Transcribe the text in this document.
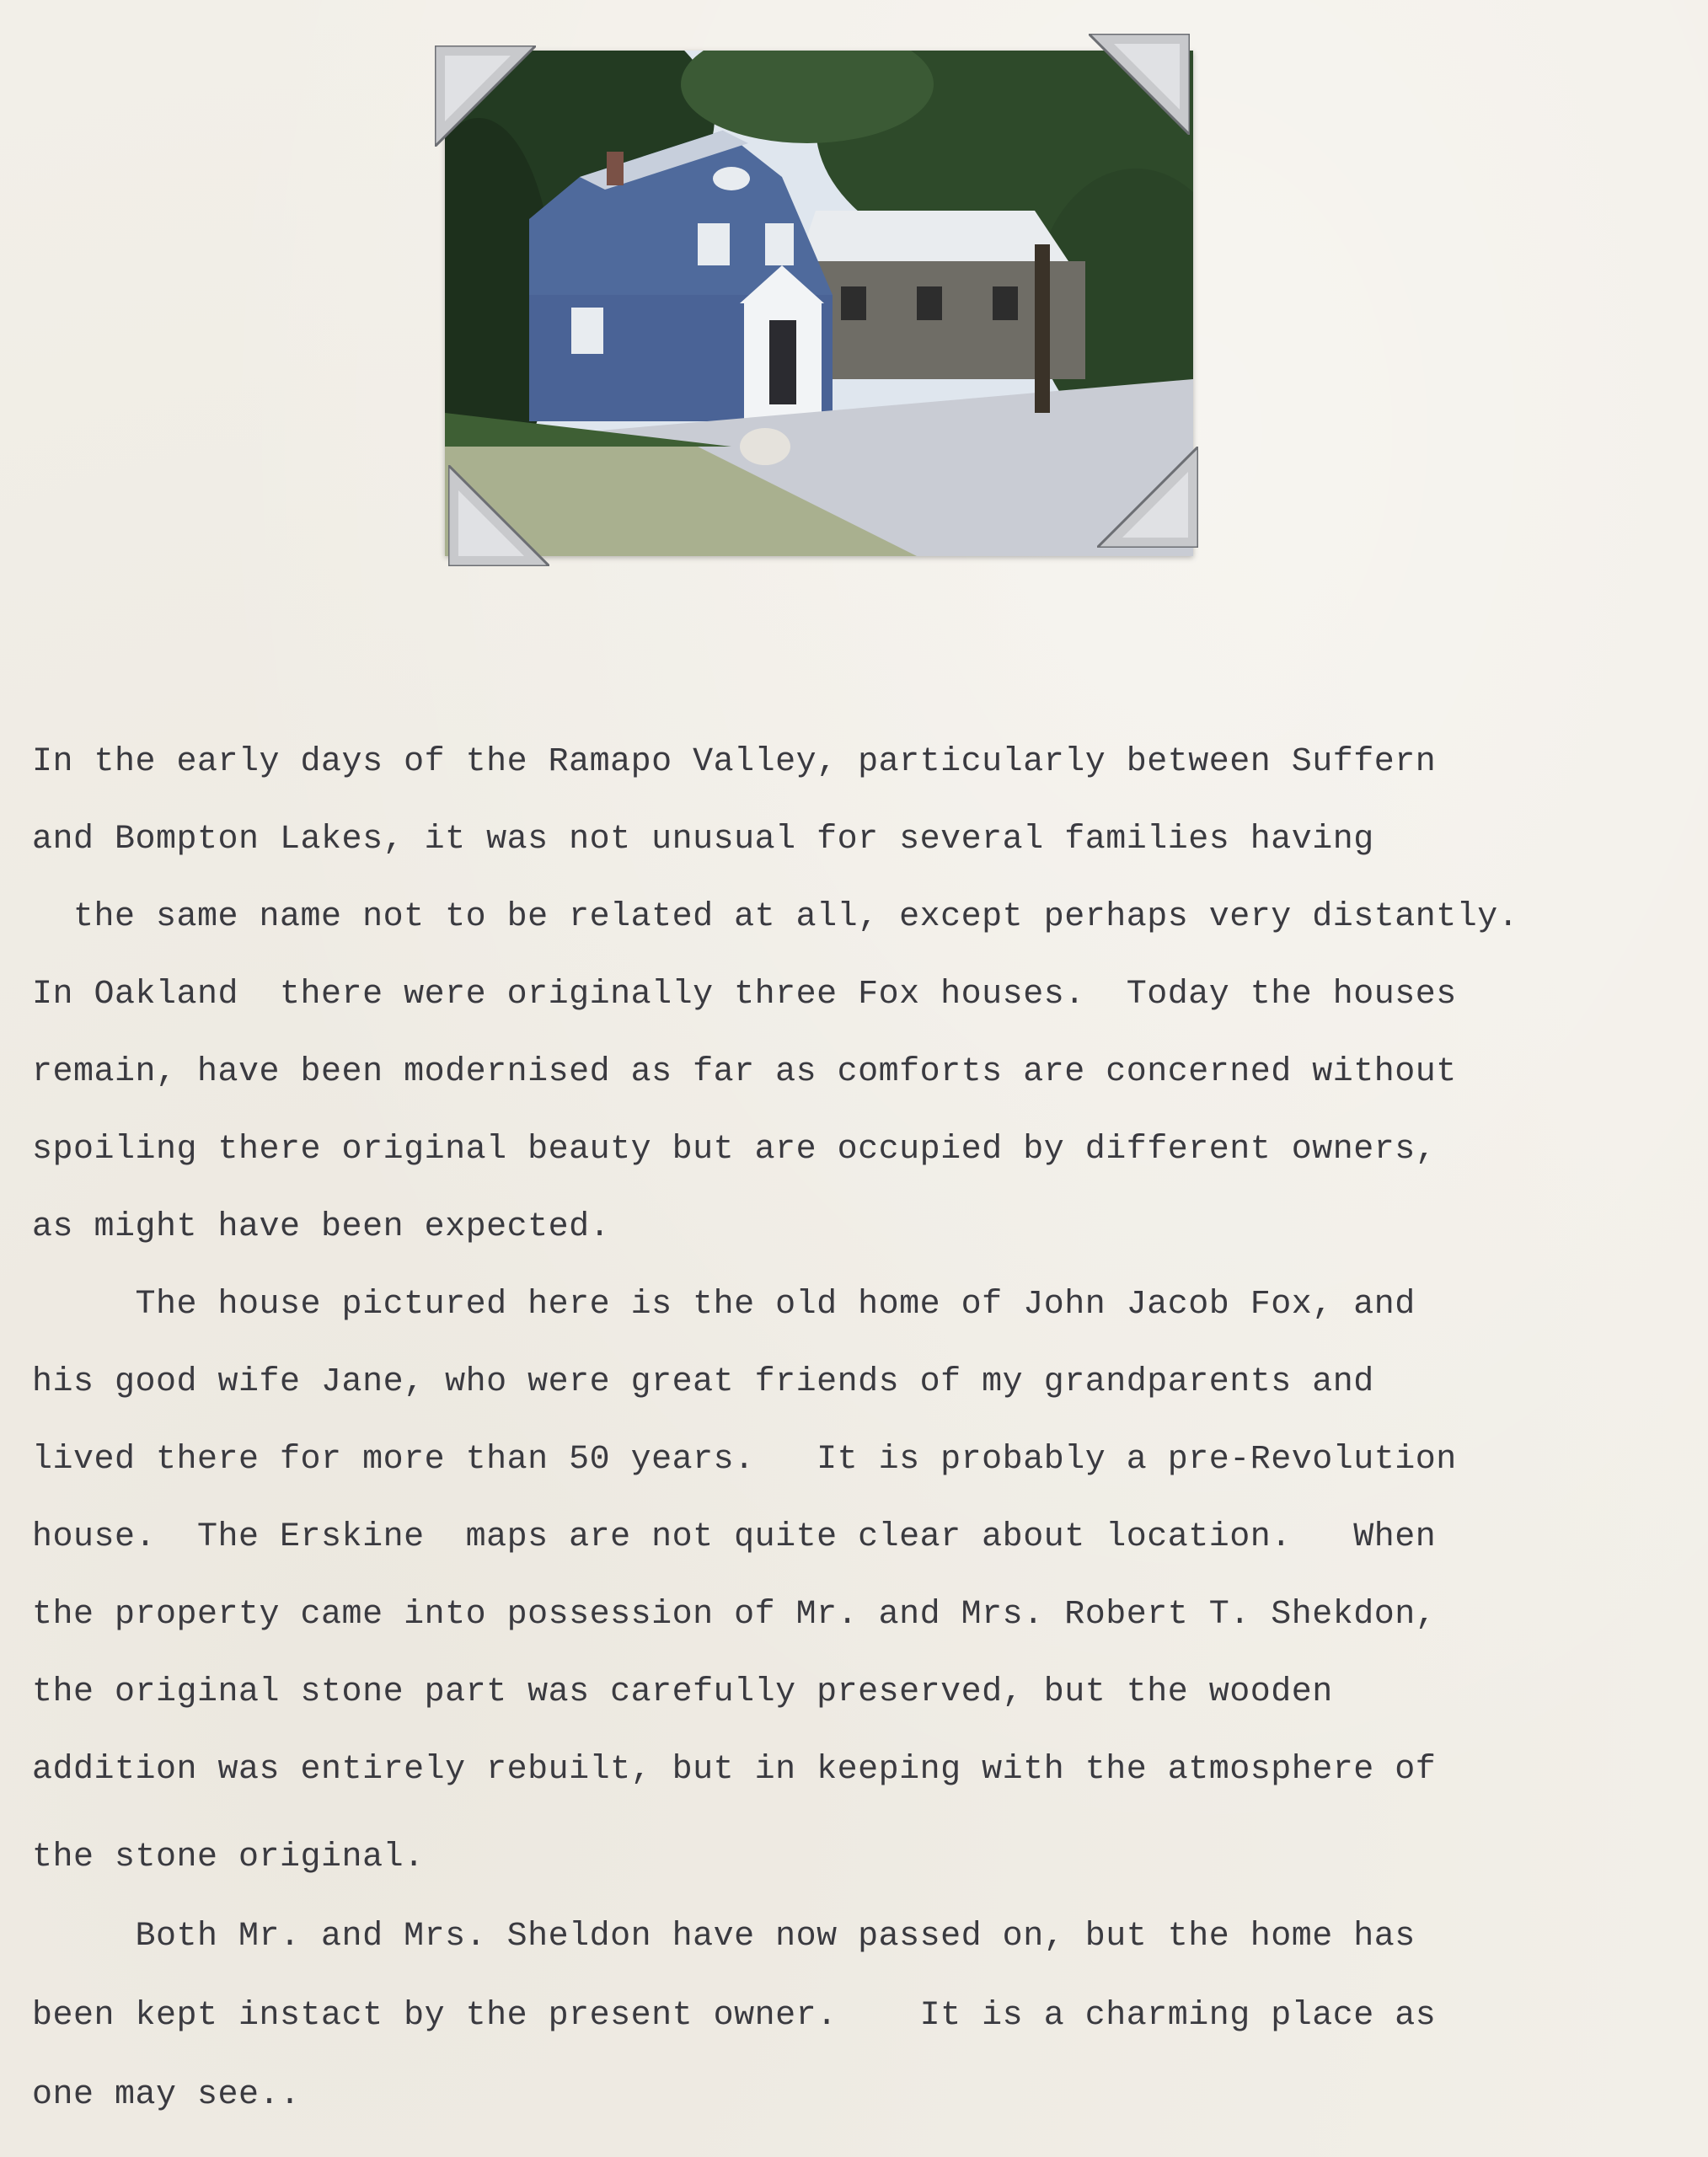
In the early days of the Ramapo Valley, particularly between Suffern

and Bompton Lakes, it was not unusual for several families having

the same name not to be related at all, except perhaps very distantly.

In Oakland  there were originally three Fox houses.  Today the houses

remain, have been modernised as far as comforts are concerned without

spoiling there original beauty but are occupied by different owners,

as might have been expected.

The house pictured here is the old home of John Jacob Fox, and

his good wife Jane, who were great friends of my grandparents and

lived there for more than 50 years.   It is probably a pre-Revolution

house.  The Erskine  maps are not quite clear about location.   When

the property came into possession of Mr. and Mrs. Robert T. Shekdon,

the original stone part was carefully preserved, but the wooden

addition was entirely rebuilt, but in keeping with the atmosphere of

the stone original.

Both Mr. and Mrs. Sheldon have now passed on, but the home has

been kept instact by the present owner.    It is a charming place as

one may see..
